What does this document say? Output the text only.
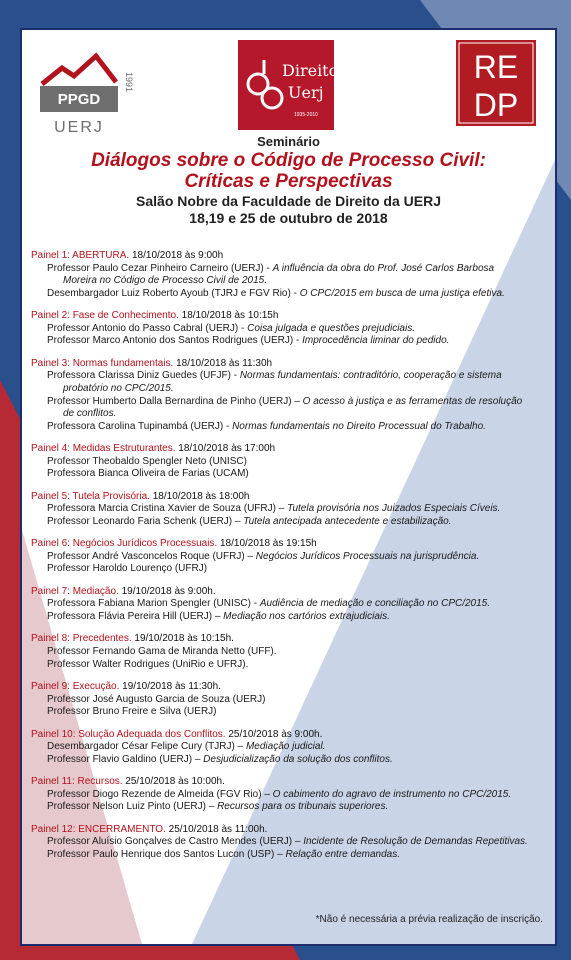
PPGD
UERJ
1991
Direito
Uerj
1935-2010
RE
DP
Seminário
Diálogos sobre o Código de Processo Civil:
Críticas e Perspectivas
Salão Nobre da Faculdade de Direito da UERJ
18,19 e 25 de outubro de 2018
Painel 1: ABERTURA. 18/10/2018 às 9:00h
Professor Paulo Cezar Pinheiro Carneiro (UERJ) - A influência da obra do Prof. José Carlos Barbosa
Moreira no Código de Processo Civil de 2015.
Desembargador Luiz Roberto Ayoub (TJRJ e FGV Rio) - O CPC/2015 em busca de uma justiça efetiva.
Painel 2: Fase de Conhecimento. 18/10/2018 às 10:15h
Professor Antonio do Passo Cabral (UERJ) - Coisa julgada e questões prejudiciais.
Professor Marco Antonio dos Santos Rodrigues (UERJ) - Improcedência liminar do pedido.
Painel 3: Normas fundamentais. 18/10/2018 às 11:30h
Professora Clarissa Diniz Guedes (UFJF) - Normas fundamentais: contraditório, cooperação e sistema
probatório no CPC/2015.
Professor Humberto Dalla Bernardina de Pinho (UERJ) – O acesso à justiça e as ferramentas de resolução
de conflitos.
Professora Carolina Tupinambá (UERJ) - Normas fundamentais no Direito Processual do Trabalho.
Painel 4: Medidas Estruturantes. 18/10/2018 às 17:00h
Professor Theobaldo Spengler Neto (UNISC)
Professora Bianca Oliveira de Farias (UCAM)
Painel 5: Tutela Provisória. 18/10/2018 às 18:00h
Professora Marcia Cristina Xavier de Souza (UFRJ) – Tutela provisória nos Juizados Especiais Cíveis.
Professor Leonardo Faria Schenk (UERJ) – Tutela antecipada antecedente e estabilização.
Painel 6: Negócios Jurídicos Processuais. 18/10/2018 às 19:15h
Professor André Vasconcelos Roque (UFRJ) – Negócios Jurídicos Processuais na jurisprudência.
Professor Haroldo Lourenço (UFRJ)
Painel 7: Mediação. 19/10/2018 às 9:00h.
Professora Fabiana Marion Spengler (UNISC) - Audiência de mediação e conciliação no CPC/2015.
Professora Flávia Pereira Hill (UERJ) – Mediação nos cartórios extrajudiciais.
Painel 8: Precedentes. 19/10/2018 às 10:15h.
Professor Fernando Gama de Miranda Netto (UFF).
Professor Walter Rodrigues (UniRio e UFRJ).
Painel 9: Execução. 19/10/2018 às 11:30h.
Professor José Augusto Garcia de Souza (UERJ)
Professor Bruno Freire e Silva (UERJ)
Painel 10: Solução Adequada dos Conflitos. 25/10/2018 às 9:00h.
Desembargador César Felipe Cury (TJRJ) – Mediação judicial.
Professor Flavio Galdino (UERJ) – Desjudicialização da solução dos conflitos.
Painel 11: Recursos. 25/10/2018 às 10:00h.
Professor Diogo Rezende de Almeida (FGV Rio) – O cabimento do agravo de instrumento no CPC/2015.
Professor Nelson Luiz Pinto (UERJ) – Recursos para os tribunais superiores.
Painel 12: ENCERRAMENTO. 25/10/2018 às 11:00h.
Professor Aluísio Gonçalves de Castro Mendes (UERJ) – Incidente de Resolução de Demandas Repetitivas.
Professor Paulo Henrique dos Santos Lucon (USP) – Relação entre demandas.
*Não é necessária a prévia realização de inscrição.
